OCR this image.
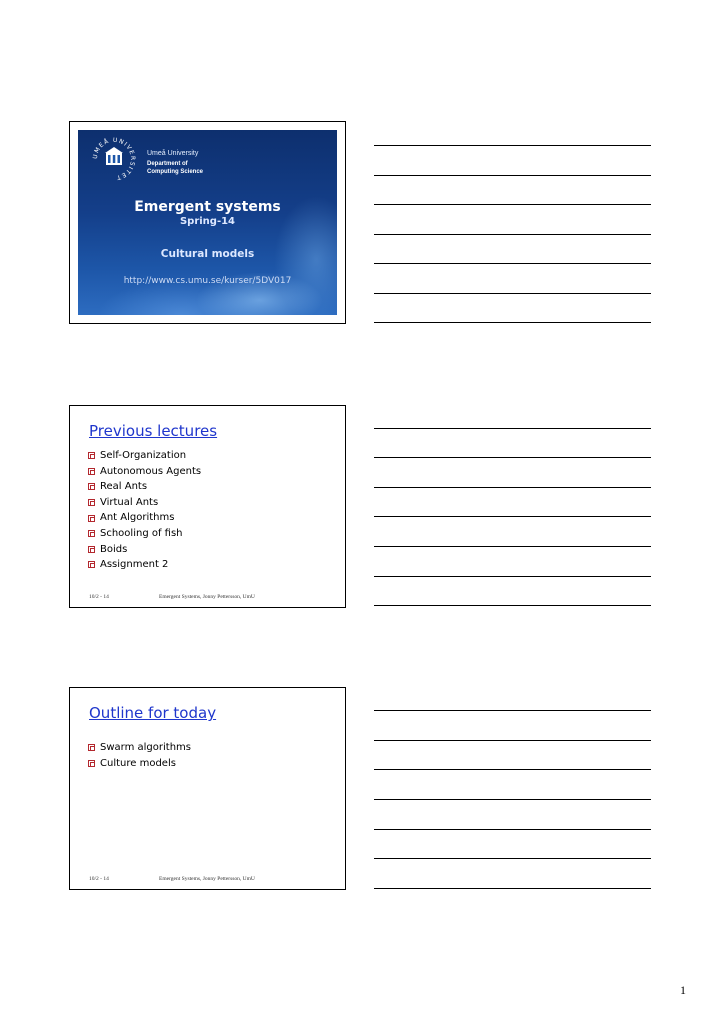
UMEÅ UNIVERSITET
Umeå University
Department of
Computing Science
Emergent systems
Spring-14
Cultural models
http://www.cs.umu.se/kurser/5DV017
Previous lectures
Self-Organization
Autonomous Agents
Real Ants
Virtual Ants
Ant Algorithms
Schooling of fish
Boids
Assignment 2
10/2 - 14	Emergent Systems, Jonny Pettersson, UmU
Outline for today
Swarm algorithms
Culture models
10/2 - 14	Emergent Systems, Jonny Pettersson, UmU
1
